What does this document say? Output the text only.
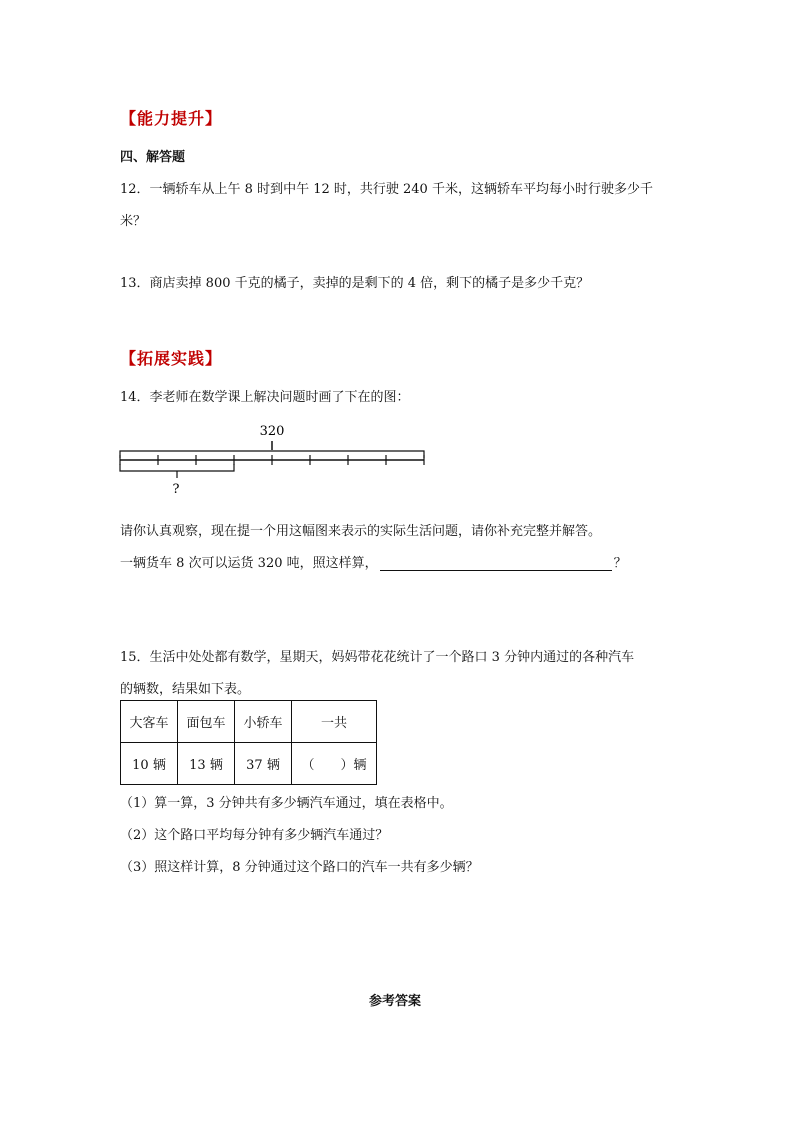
【能力提升】
四、解答题
12．一辆轿车从上午 8 时到中午 12 时，共行驶 240 千米，这辆轿车平均每小时行驶多少千
米？
13．商店卖掉 800 千克的橘子，卖掉的是剩下的 4 倍，剩下的橘子是多少千克？
【拓展实践】
14．李老师在数学课上解决问题时画了下在的图：
320
?
请你认真观察，现在提一个用这幅图来表示的实际生活问题，请你补充完整并解答。
一辆货车 8 次可以运货 320 吨，照这样算，	？
15．生活中处处都有数学，星期天，妈妈带花花统计了一个路口 3 分钟内通过的各种汽车
的辆数，结果如下表。
大客车	面包车	小轿车	一共
10 辆	13 辆	37 辆	（　　）辆
（1）算一算，3 分钟共有多少辆汽车通过，填在表格中。
（2）这个路口平均每分钟有多少辆汽车通过？
（3）照这样计算，8 分钟通过这个路口的汽车一共有多少辆？
参考答案
